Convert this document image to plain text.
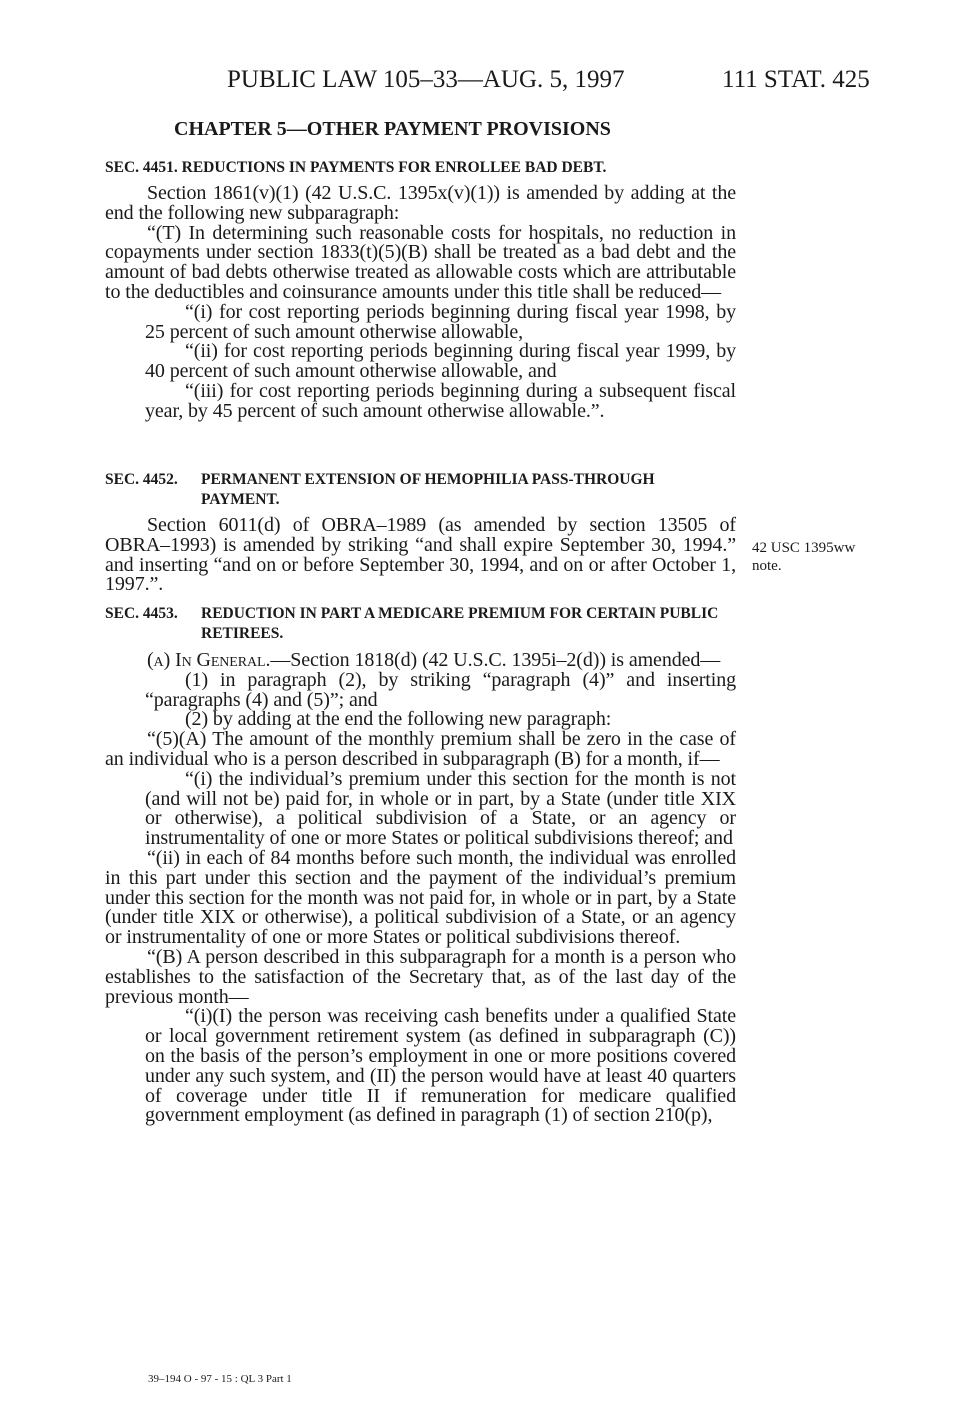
PUBLIC LAW 105–33—AUG. 5, 1997	111 STAT. 425
CHAPTER 5—OTHER PAYMENT PROVISIONS
SEC. 4451. REDUCTIONS IN PAYMENTS FOR ENROLLEE BAD DEBT.

Section 1861(v)(1) (42 U.S.C. 1395x(v)(1)) is amended by adding at the end the following new subparagraph:

“(T) In determining such reasonable costs for hospitals, no reduction in copayments under section 1833(t)(5)(B) shall be treated as a bad debt and the amount of bad debts otherwise treated as allowable costs which are attributable to the deductibles and coinsurance amounts under this title shall be reduced—

“(i) for cost reporting periods beginning during fiscal year 1998, by 25 percent of such amount otherwise allowable,

“(ii) for cost reporting periods beginning during fiscal year 1999, by 40 percent of such amount otherwise allowable, and

“(iii) for cost reporting periods beginning during a subsequent fiscal year, by 45 percent of such amount otherwise allowable.”.

SEC. 4452. PERMANENT EXTENSION OF HEMOPHILIA PASS-THROUGH PAYMENT.

Section 6011(d) of OBRA–1989 (as amended by section 13505 of OBRA–1993) is amended by striking “and shall expire September 30, 1994.” and inserting “and on or before September 30, 1994, and on or after October 1, 1997.”.

42 USC 1395ww
note.
SEC. 4453. REDUCTION IN PART A MEDICARE PREMIUM FOR CERTAIN PUBLIC RETIREES.

(a) In General.—Section 1818(d) (42 U.S.C. 1395i–2(d)) is amended—

(1) in paragraph (2), by striking “paragraph (4)” and inserting “paragraphs (4) and (5)”; and

(2) by adding at the end the following new paragraph:

“(5)(A) The amount of the monthly premium shall be zero in the case of an individual who is a person described in subparagraph (B) for a month, if—

“(i) the individual’s premium under this section for the month is not (and will not be) paid for, in whole or in part, by a State (under title XIX or otherwise), a political subdivision of a State, or an agency or instrumentality of one or more States or political subdivisions thereof; and

“(ii) in each of 84 months before such month, the individual was enrolled in this part under this section and the payment of the individual’s premium under this section for the month was not paid for, in whole or in part, by a State (under title XIX or otherwise), a political subdivision of a State, or an agency or instrumentality of one or more States or political subdivisions thereof.

“(B) A person described in this subparagraph for a month is a person who establishes to the satisfaction of the Secretary that, as of the last day of the previous month—

“(i)(I) the person was receiving cash benefits under a qualified State or local government retirement system (as defined in subparagraph (C)) on the basis of the person’s employment in one or more positions covered under any such system, and (II) the person would have at least 40 quarters of coverage under title II if remuneration for medicare qualified government employment (as defined in paragraph (1) of section 210(p),

39–194 O - 97 - 15 : QL 3 Part 1
